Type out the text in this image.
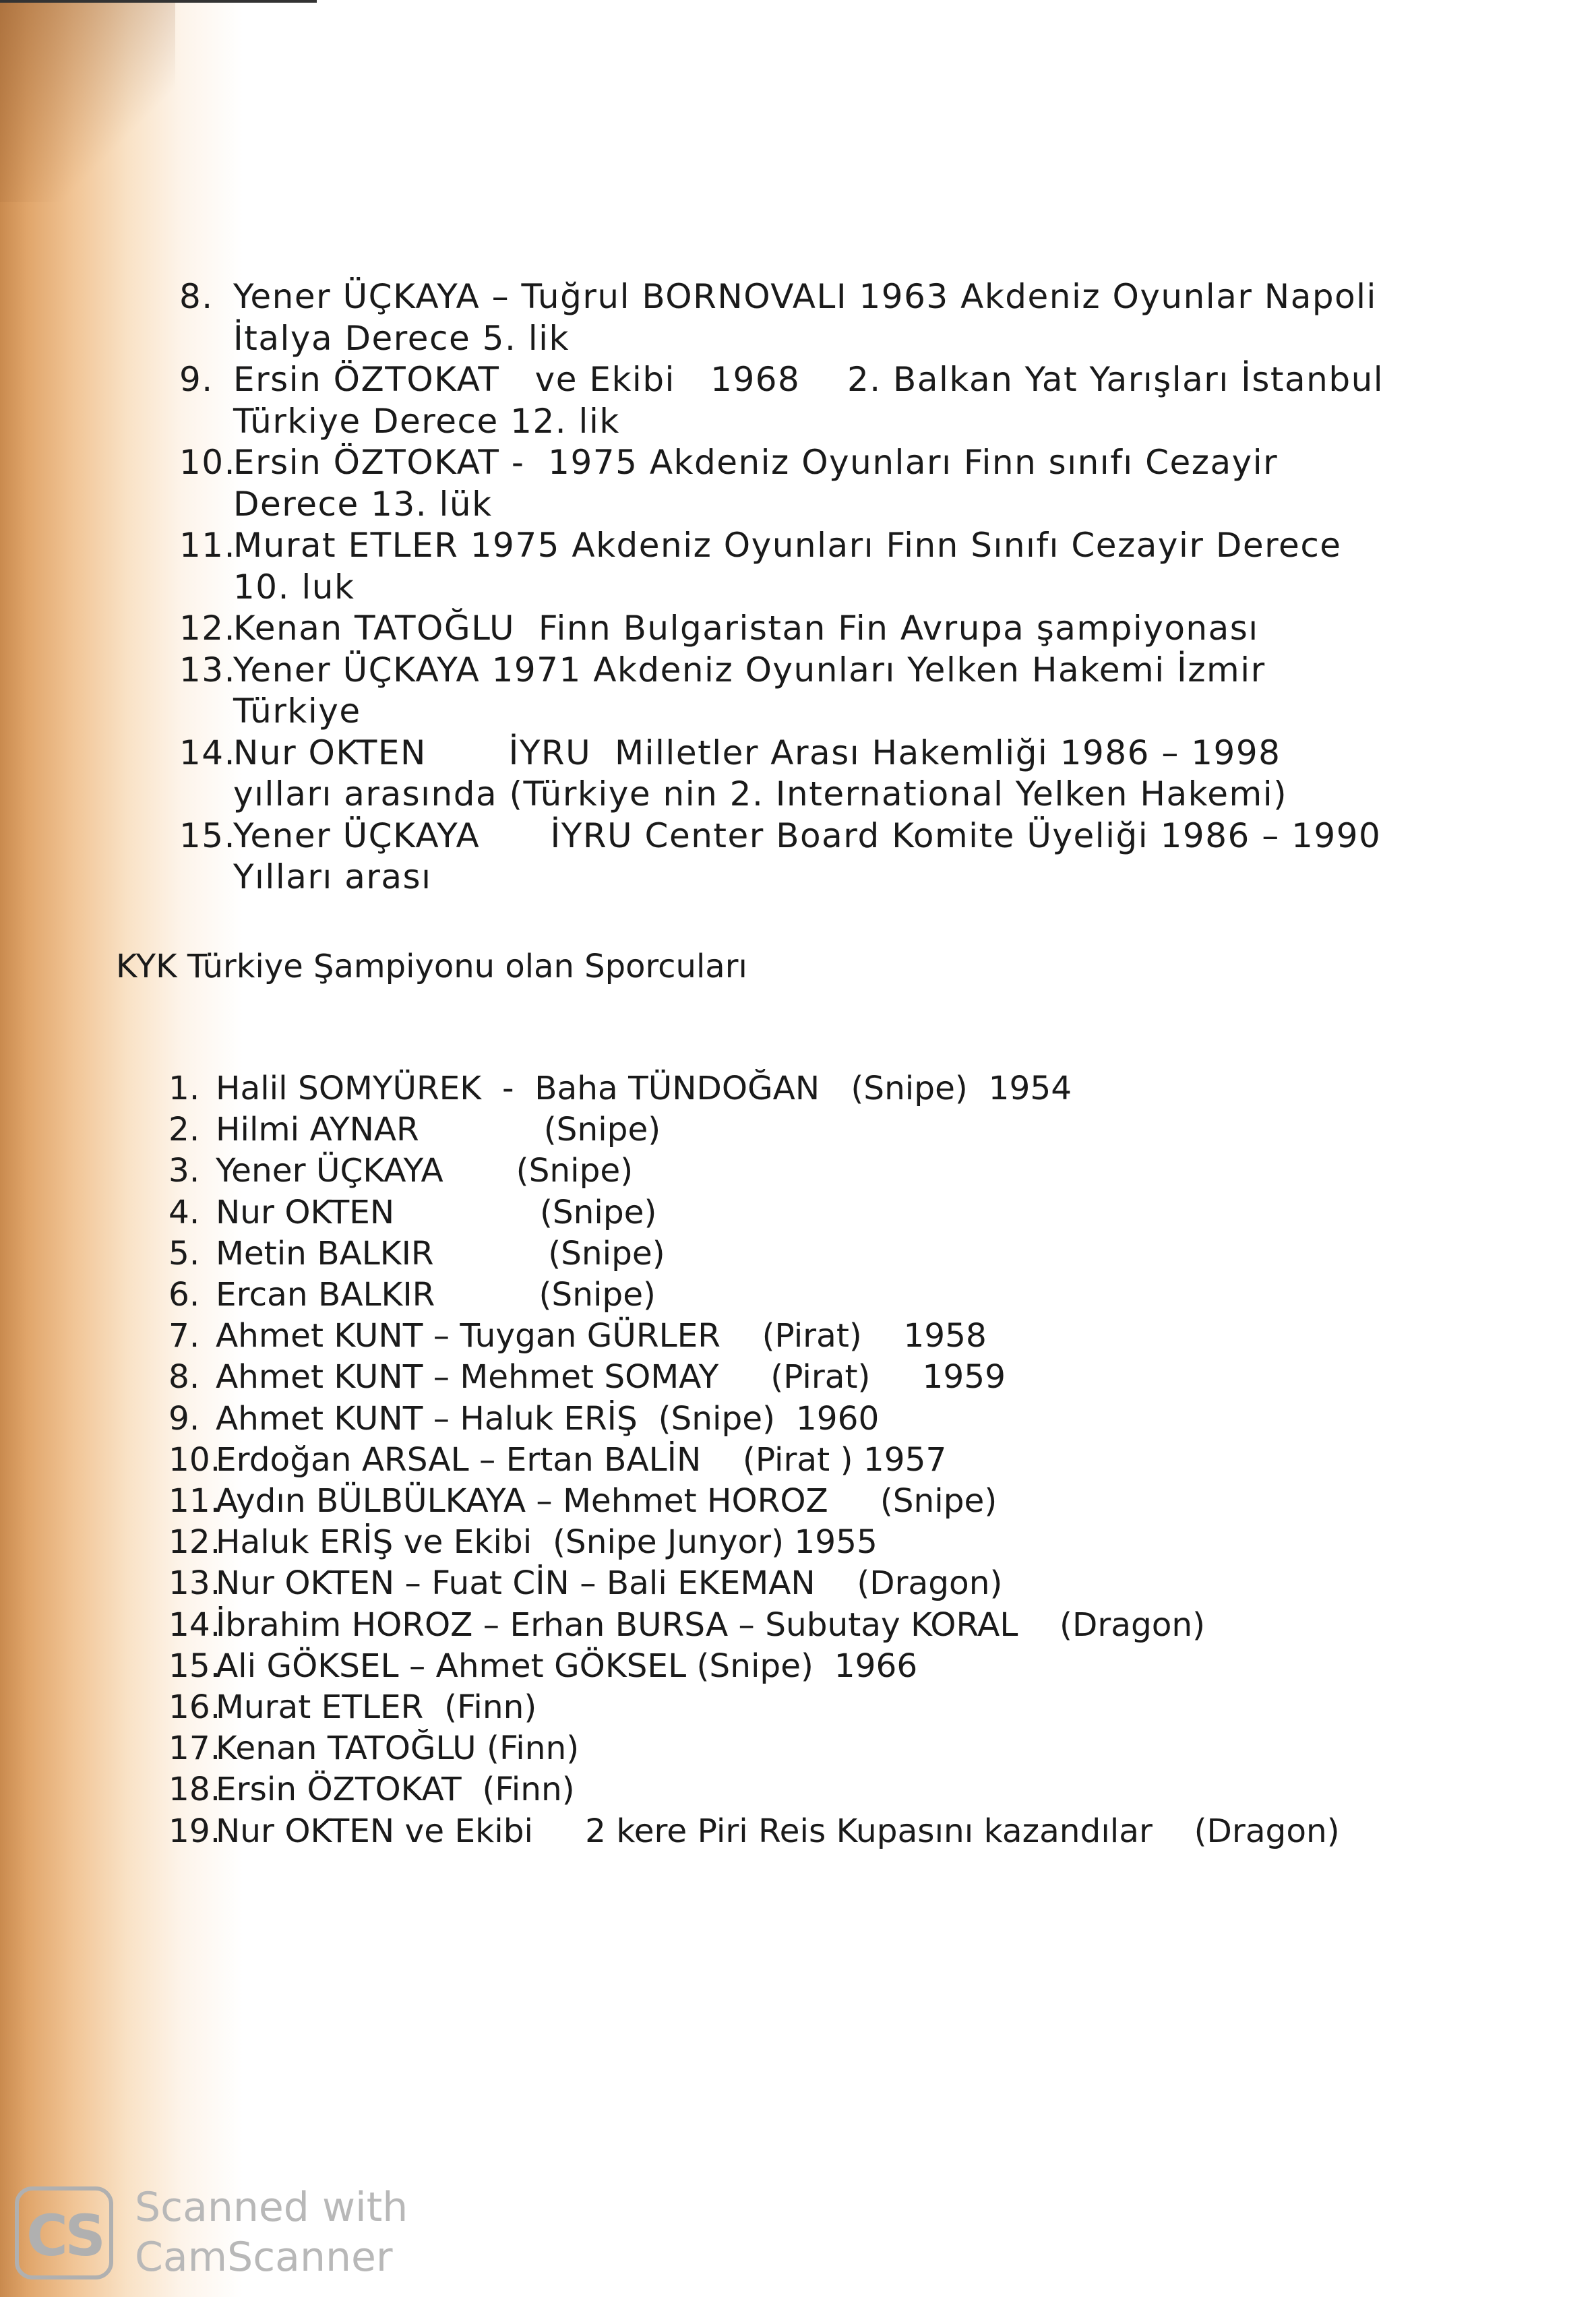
8. Yener ÜÇKAYA – Tuğrul BORNOVALI 1963 Akdeniz Oyunlar Napoli İtalya Derece 5. lik
9. Ersin ÖZTOKAT   ve Ekibi   1968    2. Balkan Yat Yarışları İstanbul Türkiye Derece 12. lik
10.
Ersin ÖZTOKAT -  1975 Akdeniz Oyunları Finn sınıfı Cezayir Derece 13. lük
11.
Murat ETLER 1975 Akdeniz Oyunları Finn Sınıfı Cezayir Derece 10. luk
12.
Kenan TATOĞLU  Finn Bulgaristan Fin Avrupa şampiyonası
13.
Yener ÜÇKAYA 1971 Akdeniz Oyunları Yelken Hakemi İzmir Türkiye
14.
Nur OKTEN       İYRU  Milletler Arası Hakemliği 1986 – 1998 yılları arasında (Türkiye nin 2. International Yelken Hakemi)
15.
Yener ÜÇKAYA      İYRU Center Board Komite Üyeliği 1986 – 1990 Yılları arası
KYK Türkiye Şampiyonu olan Sporcuları
1. Halil SOMYÜREK  -  Baha TÜNDOĞAN   (Snipe)  1954
2. Hilmi AYNAR            (Snipe)
3. Yener ÜÇKAYA       (Snipe)
4. Nur OKTEN              (Snipe)
5. Metin BALKIR           (Snipe)
6. Ercan BALKIR          (Snipe)
7. Ahmet KUNT – Tuygan GÜRLER    (Pirat)    1958
8. Ahmet KUNT – Mehmet SOMAY     (Pirat)     1959
9. Ahmet KUNT – Haluk ERİŞ  (Snipe)  1960
10.
Erdoğan ARSAL – Ertan BALİN    (Pirat ) 1957
11.
Aydın BÜLBÜLKAYA – Mehmet HOROZ     (Snipe)
12.
Haluk ERİŞ ve Ekibi  (Snipe Junyor) 1955
13.
Nur OKTEN – Fuat CİN – Bali EKEMAN    (Dragon)
14.
İbrahim HOROZ – Erhan BURSA – Subutay KORAL    (Dragon)
15.
Ali GÖKSEL – Ahmet GÖKSEL (Snipe)  1966
16.
Murat ETLER  (Finn)
17.
Kenan TATOĞLU (Finn)
18.
Ersin ÖZTOKAT  (Finn)
19.
Nur OKTEN ve Ekibi     2 kere Piri Reis Kupasını kazandılar    (Dragon)
CS Scanned with
CamScanner
